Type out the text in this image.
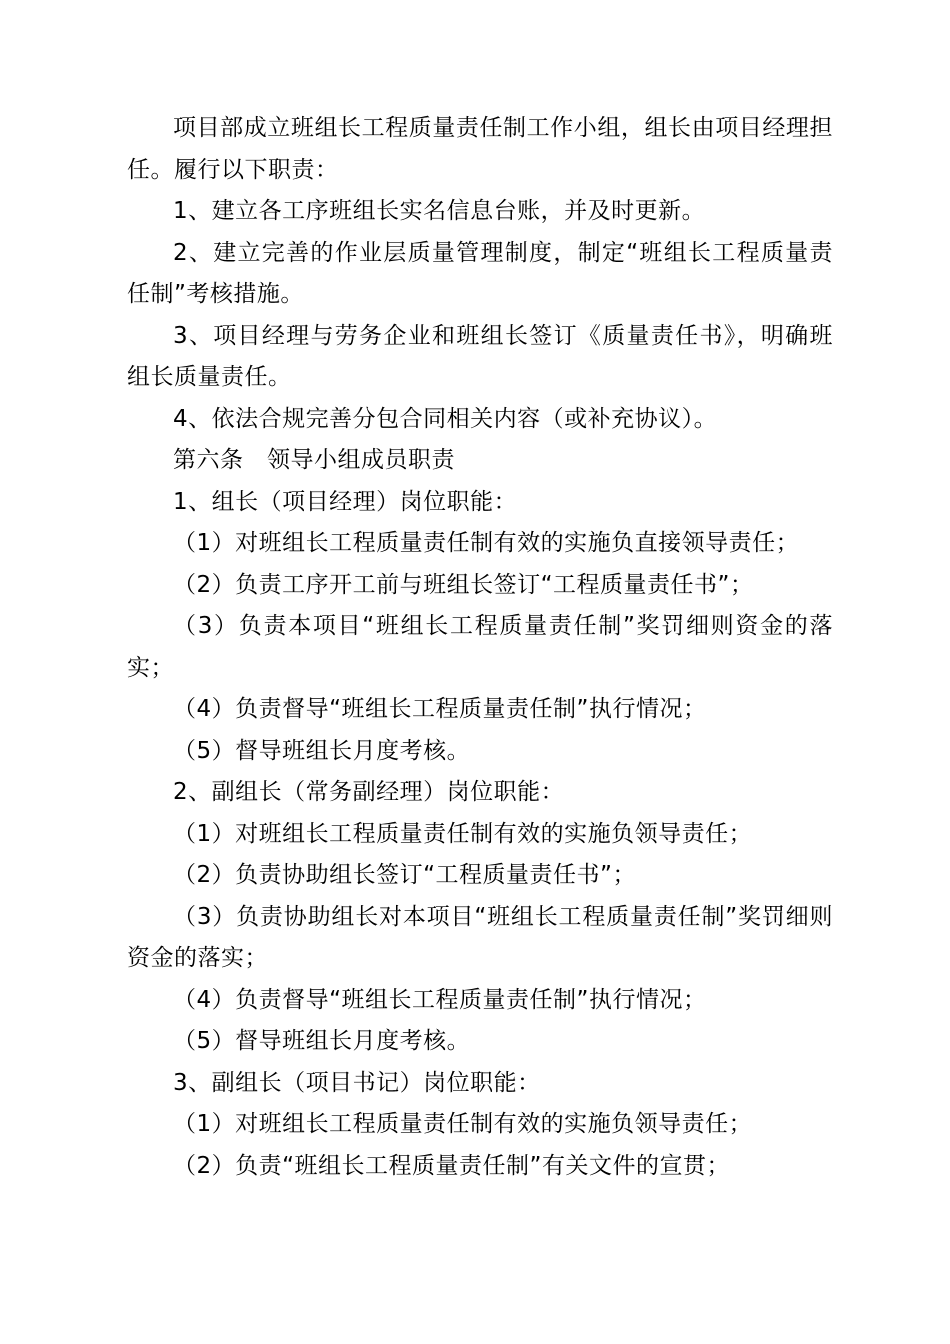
项目部成立班组长工程质量责任制工作小组，组长由项目经理担任。履行以下职责：

1、建立各工序班组长实名信息台账，并及时更新。

2、建立完善的作业层质量管理制度，制定“班组长工程质量责任制”考核措施。

3、项目经理与劳务企业和班组长签订《质量责任书》，明确班组长质量责任。

4、依法合规完善分包合同相关内容（或补充协议）。

第六条　领导小组成员职责

1、组长（项目经理）岗位职能：

（1）对班组长工程质量责任制有效的实施负直接领导责任；

（2）负责工序开工前与班组长签订“工程质量责任书”；

（3）负责本项目“班组长工程质量责任制”奖罚细则资金的落实；

（4）负责督导“班组长工程质量责任制”执行情况；

（5）督导班组长月度考核。

2、副组长（常务副经理）岗位职能：

（1）对班组长工程质量责任制有效的实施负领导责任；

（2）负责协助组长签订“工程质量责任书”；

（3）负责协助组长对本项目“班组长工程质量责任制”奖罚细则资金的落实；

（4）负责督导“班组长工程质量责任制”执行情况；

（5）督导班组长月度考核。

3、副组长（项目书记）岗位职能：

（1）对班组长工程质量责任制有效的实施负领导责任；

（2）负责“班组长工程质量责任制”有关文件的宣贯；
